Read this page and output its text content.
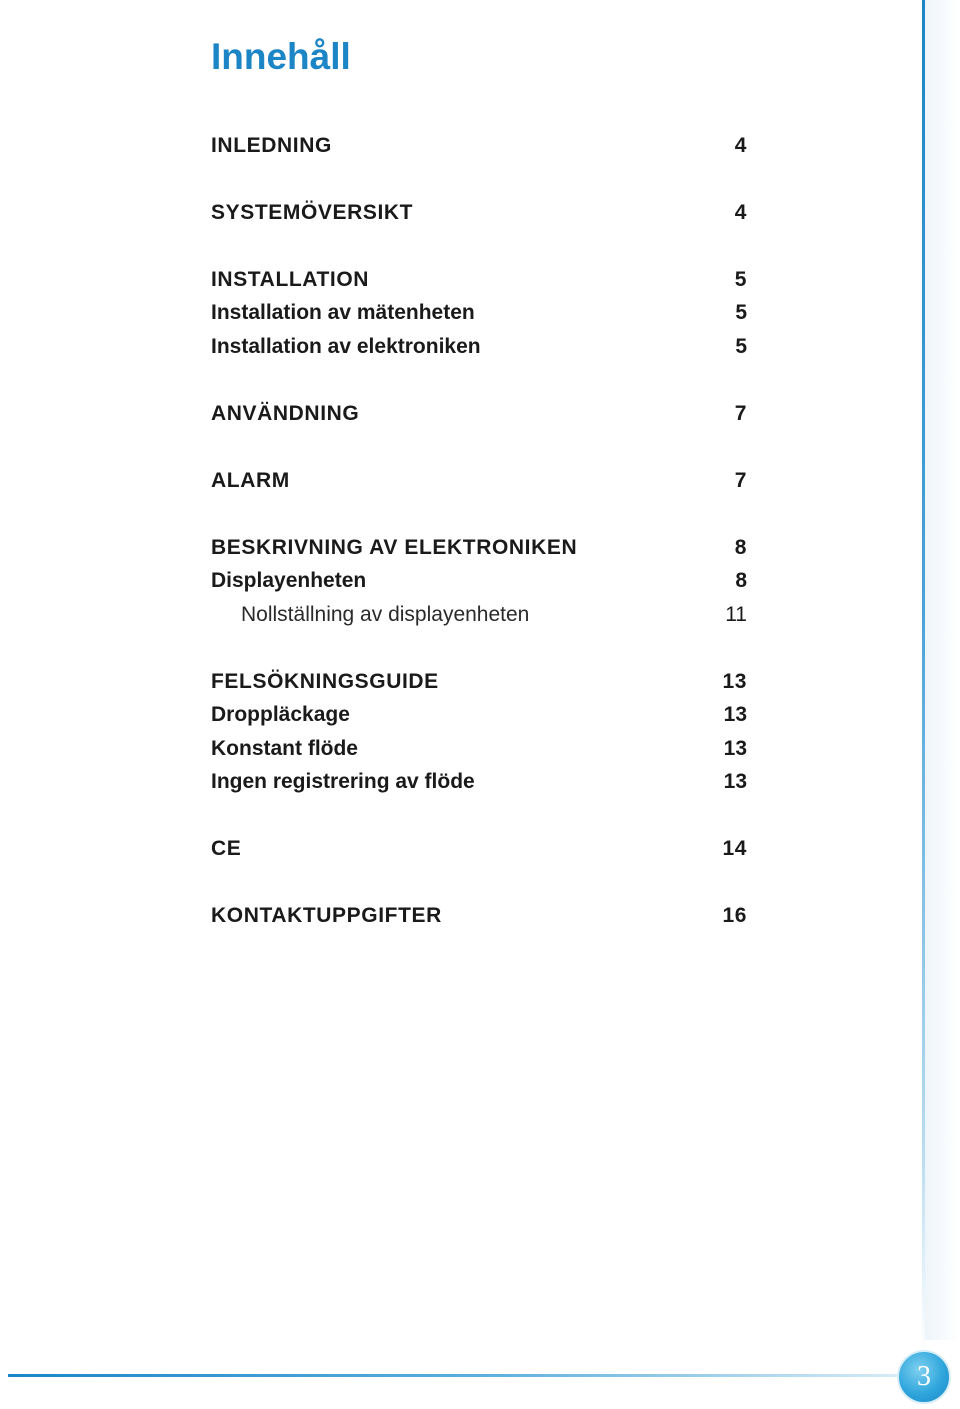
Innehåll
INLEDNING	4
SYSTEMÖVERSIKT	4
INSTALLATION	5
Installation av mätenheten	5
Installation av elektroniken	5
ANVÄNDNING	7
ALARM	7
BESKRIVNING AV ELEKTRONIKEN	8
Displayenheten	8
Nollställning av displayenheten	11
FELSÖKNINGSGUIDE	13
Droppläckage	13
Konstant flöde	13
Ingen registrering av flöde	13
CE	14
KONTAKTUPPGIFTER	16
3
